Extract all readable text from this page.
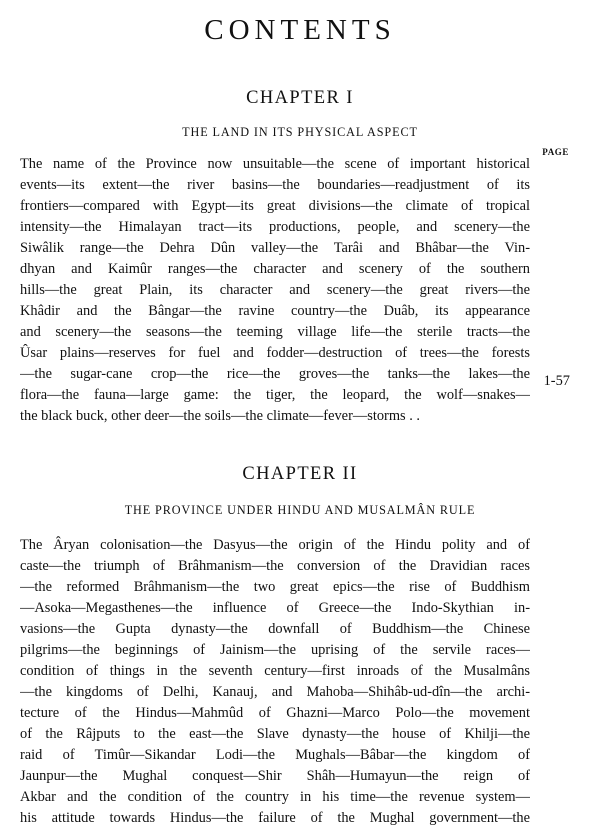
CONTENTS
CHAPTER I
THE LAND IN ITS PHYSICAL ASPECT
PAGE
The name of the Province now unsuitable—the scene of important historical
events—its extent—the river basins—the boundaries—readjustment of its
frontiers—compared with Egypt—its great divisions—the climate of tropical
intensity—the Himalayan tract—its productions, people, and scenery—the
Siwâlik range—the Dehra Dûn valley—the Tarâi and Bhâbar—the Vin-
dhyan and Kaimûr ranges—the character and scenery of the southern
hills—the great Plain, its character and scenery—the great rivers—the
Khâdir and the Bângar—the ravine country—the Duâb, its appearance
and scenery—the seasons—the teeming village life—the sterile tracts—the
Ûsar plains—reserves for fuel and fodder—destruction of trees—the forests
—the sugar-cane crop—the rice—the groves—the tanks—the lakes—the
flora—the fauna—large game: the tiger, the leopard, the wolf—snakes—
the black buck, other deer—the soils—the climate—fever—storms . .
1-57
CHAPTER II
THE PROVINCE UNDER HINDU AND MUSALMÂN RULE
The Âryan colonisation—the Dasyus—the origin of the Hindu polity and of
caste—the triumph of Brâhmanism—the conversion of the Dravidian races
—the reformed Brâhmanism—the two great epics—the rise of Buddhism
—Asoka—Megasthenes—the influence of Greece—the Indo-Skythian in-
vasions—the Gupta dynasty—the downfall of Buddhism—the Chinese
pilgrims—the beginnings of Jainism—the uprising of the servile races—
condition of things in the seventh century—first inroads of the Musalmâns
—the kingdoms of Delhi, Kanauj, and Mahoba—Shihâb-ud-dîn—the archi-
tecture of the Hindus—Mahmûd of Ghazni—Marco Polo—the movement
of the Râjputs to the east—the Slave dynasty—the house of Khilji—the
raid of Timûr—Sikandar Lodi—the Mughals—Bâbar—the kingdom of
Jaunpur—the Mughal conquest—Shir Shâh—Humayun—the reign of
Akbar and the condition of the country in his time—the revenue system—
his attitude towards Hindus—the failure of the Mughal government—the
